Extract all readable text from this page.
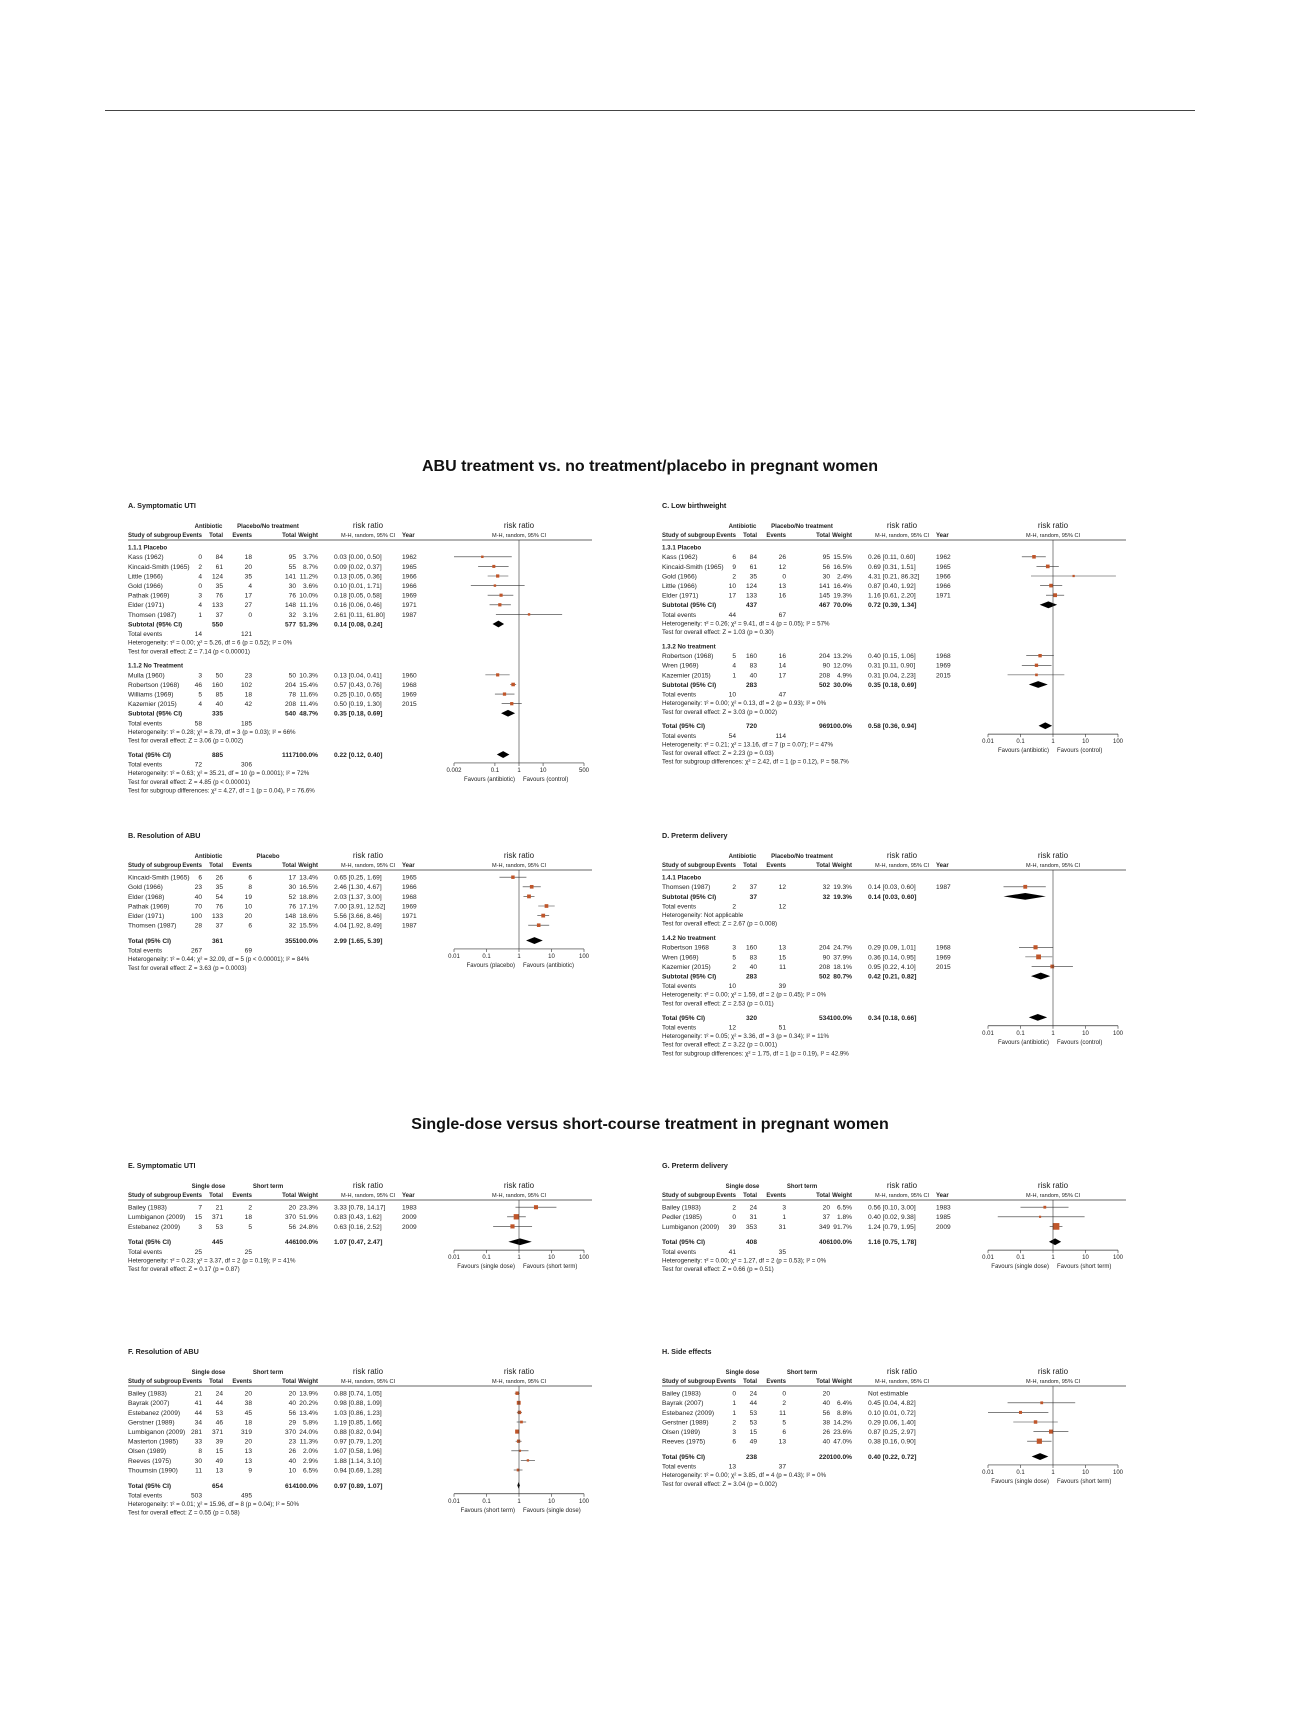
ABU treatment vs. no treatment/placebo in pregnant women
Single-dose versus short-course treatment in pregnant women
A. Symptomatic UTI
Antibiotic Placebo/No treatment	risk ratio	risk ratio
Study of subgroup Events Total Events	Total Weight	M-H, random, 95% CI Year	M-H, random, 95% CI
1.1.1 Placebo
Kass (1962)	0 84	18	95 3.7% 0.03 [0.00, 0.50]	1962
Kincaid-Smith (1965) 2 61	20	55 8.7% 0.09 [0.02, 0.37]	1965
Little (1966)	4 124	35	141 11.2% 0.13 [0.05, 0.36]	1966
Gold (1966)	0 35	4	30 3.6% 0.10 [0.01, 1.71]	1966
Pathak (1969)	3 76	17	76 10.0% 0.18 [0.05, 0.58]	1969
Elder (1971)	4 133	27	148 11.1% 0.16 [0.06, 0.46]	1971
Thomsen (1987)	1 37	0	32 3.1% 2.61 [0.11, 61.80]	1987
Subtotal (95% CI)	550	577 51.3% 0.14 [0.08, 0.24]
Total events	14	121
Heterogeneity: τ² = 0.00; χ² = 5.26, df = 6 (p = 0.52); I² = 0%
Test for overall effect: Z = 7.14 (p < 0.00001)
1.1.2 No Treatment
Mulla (1960)	3 50	23	50 10.3% 0.13 [0.04, 0.41]	1960
Robertson (1968) 46 160	102	204 15.4% 0.57 [0.43, 0.76]	1968
Williams (1969)	5 85	18	78 11.6% 0.25 [0.10, 0.65]	1969
Kazemier (2015)	4 40	42	208 11.4% 0.50 [0.19, 1.30]	2015
Subtotal (95% CI)	335	540 48.7% 0.35 [0.18, 0.69]
Total events	58	185
Heterogeneity: τ² = 0.28; χ² = 8.79, df = 3 (p = 0.03); I² = 66%
Test for overall effect: Z = 3.06 (p = 0.002)
Total (95% CI)	885	1117 100.0% 0.22 [0.12, 0.40]
Total events	72	306
Heterogeneity: τ² = 0.63; χ² = 35.21, df = 10 (p = 0.0001); I² = 72%
Test for overall effect: Z = 4.85 (p < 0.00001)
Test for subgroup differences: χ² = 4.27, df = 1 (p = 0.04), I² = 76.6%
0.002	0.1	1	10	500
Favours (antibiotic) Favours (control)
C. Low birthweight
Antibiotic Placebo/No treatment	risk ratio	risk ratio
Study of subgroup Events Total Events	Total Weight	M-H, random, 95% CI Year	M-H, random, 95% CI
1.3.1 Placebo
Kass (1962)	6 84	26	95 15.5% 0.26 [0.11, 0.60]	1962
Kincaid-Smith (1965) 9 61	12	56 16.5% 0.69 [0.31, 1.51]	1965
Gold (1966)	2 35	0	30 2.4% 4.31 [0.21, 86.32]	1966
Little (1966)	10 124	13	141 16.4% 0.87 [0.40, 1.92]	1966
Elder (1971)	17 133	16	145 19.3% 1.16 [0.61, 2.20]	1971
Subtotal (95% CI)	437	467 70.0% 0.72 [0.39, 1.34]
Total events	44	67
Heterogeneity: τ² = 0.26; χ² = 9.41, df = 4 (p = 0.05); I² = 57%
Test for overall effect: Z = 1.03 (p = 0.30)
1.3.2 No treatment
Robertson (1968)	5 160	16	204 13.2% 0.40 [0.15, 1.06]	1968
Wren (1969)	4 83	14	90 12.0% 0.31 [0.11, 0.90]	1969
Kazemier (2015)	1 40	17	208 4.9% 0.31 [0.04, 2.23]	2015
Subtotal (95% CI)	283	502 30.0% 0.35 [0.18, 0.69]
Total events	10	47
Heterogeneity: τ² = 0.00; χ² = 0.13, df = 2 (p = 0.93); I² = 0%
Test for overall effect: Z = 3.03 (p = 0.002)
Total (95% CI)	720	969 100.0% 0.58 [0.36, 0.94]
Total events	54	114
Heterogeneity: τ² = 0.21; χ² = 13.16, df = 7 (p = 0.07); I² = 47%
Test for overall effect: Z = 2.23 (p = 0.03)
Test for subgroup differences: χ² = 2.42, df = 1 (p = 0.12), I² = 58.7%
0.01	0.1	1	10	100
Favours (antibiotic) Favours (control)
B. Resolution of ABU
Antibiotic	Placebo	risk ratio	risk ratio
Study of subgroup Events Total Events	Total Weight	M-H, random, 95% CI Year	M-H, random, 95% CI
Kincaid-Smith (1965) 6 26	6	17 13.4% 0.65 [0.25, 1.69]	1965
Gold (1966)	23 35	8	30 16.5% 2.46 [1.30, 4.67]	1966
Elder (1968)	40 54	19	52 18.8% 2.03 [1.37, 3.00]	1968
Pathak (1969)	70 76	10	76 17.1% 7.00 [3.91, 12.52]	1969
Elder (1971)	100 133	20	148 18.6% 5.56 [3.66, 8.46]	1971
Thomsen (1987)	28 37	6	32 15.5% 4.04 [1.92, 8.49]	1987
Total (95% CI)	361	355 100.0% 2.99 [1.65, 5.39]
Total events	267	69
Heterogeneity: τ² = 0.44; χ² = 32.09, df = 5 (p < 0.00001); I² = 84%
Test for overall effect: Z = 3.63 (p = 0.0003)
0.01	0.1	1	10	100
Favours (placebo) Favours (antibiotic)
D. Preterm delivery
Antibiotic Placebo/No treatment	risk ratio	risk ratio
Study of subgroup Events Total Events	Total Weight	M-H, random, 95% CI Year	M-H, random, 95% CI
1.4.1 Placebo
Thomsen (1987)	2 37	12	32 19.3% 0.14 [0.03, 0.60]	1987
Subtotal (95% CI)	37	32 19.3% 0.14 [0.03, 0.60]
Total events	2	12
Heterogeneity: Not applicable
Test for overall effect: Z = 2.67 (p = 0.008)
1.4.2 No treatment
Robertson 1968	3 160	13	204 24.7% 0.29 [0.09, 1.01]	1968
Wren (1969)	5 83	15	90 37.9% 0.36 [0.14, 0.95]	1969
Kazemier (2015)	2 40	11	208 18.1% 0.95 [0.22, 4.10]	2015
Subtotal (95% CI)	283	502 80.7% 0.42 [0.21, 0.82]
Total events	10	39
Heterogeneity: τ² = 0.00; χ² = 1.59, df = 2 (p = 0.45); I² = 0%
Test for overall effect: Z = 2.53 (p = 0.01)
Total (95% CI)	320	534 100.0% 0.34 [0.18, 0.66]
Total events	12	51
Heterogeneity: τ² = 0.05; χ² = 3.36, df = 3 (p = 0.34); I² = 11%
Test for overall effect: Z = 3.22 (p = 0.001)
Test for subgroup differences: χ² = 1.75, df = 1 (p = 0.19), I² = 42.9%
0.01	0.1	1	10	100
Favours (antibiotic) Favours (control)
E. Symptomatic UTI
Single dose	Short term	risk ratio	risk ratio
Study of subgroup Events Total Events	Total Weight	M-H, random, 95% CI Year	M-H, random, 95% CI
Bailey (1983)	7 21	2	20 23.3% 3.33 [0.78, 14.17]	1983
Lumbiganon (2009) 15 371	18	370 51.9% 0.83 [0.43, 1.62]	2009
Estebanez (2009)	3 53	5	56 24.8% 0.63 [0.16, 2.52]	2009
Total (95% CI)	445	446 100.0% 1.07 [0.47, 2.47]
Total events	25	25
Heterogeneity: τ² = 0.23; χ² = 3.37, df = 2 (p = 0.19); I² = 41%
Test for overall effect: Z = 0.17 (p = 0.87)
0.01	0.1	1	10	100
Favours (single dose) Favours (short term)
G. Preterm delivery
Single dose	Short term	risk ratio	risk ratio
Study of subgroup Events Total Events	Total Weight	M-H, random, 95% CI Year	M-H, random, 95% CI
Bailey (1983)	2 24	3	20 6.5% 0.56 [0.10, 3.00]	1983
Pedler (1985)	0 31	1	37 1.8% 0.40 [0.02, 9.38]	1985
Lumbiganon (2009) 39 353	31	349 91.7% 1.24 [0.79, 1.95]	2009
Total (95% CI)	408	406 100.0% 1.16 [0.75, 1.78]
Total events	41	35
Heterogeneity: τ² = 0.00; χ² = 1.27, df = 2 (p = 0.53); I² = 0%
Test for overall effect: Z = 0.66 (p = 0.51)
0.01	0.1	1	10	100
Favours (single dose) Favours (short term)
F. Resolution of ABU
Single dose	Short term	risk ratio	risk ratio
Study of subgroup Events Total Events	Total Weight	M-H, random, 95% CI	M-H, random, 95% CI
Bailey (1983)	21 24	20	20 13.9% 0.88 [0.74, 1.05]
Bayrak (2007)	41 44	38	40 20.2% 0.98 [0.88, 1.09]
Estebanez (2009) 44 53	45	56 13.4% 1.03 [0.86, 1.23]
Gerstner (1989)	34 46	18	29 5.8% 1.19 [0.85, 1.66]
Lumbiganon (2009) 281 371	319	370 24.0% 0.88 [0.82, 0.94]
Masterton (1985) 33 39	20	23 11.3% 0.97 [0.79, 1.20]
Olsen (1989)	8 15	13	26 2.0% 1.07 [0.58, 1.96]
Reeves (1975)	30 49	13	40 2.9% 1.88 [1.14, 3.10]
Thoumsin (1990)	11 13	9	10 6.5% 0.94 [0.69, 1.28]
Total (95% CI)	654	614 100.0% 0.97 [0.89, 1.07]
Total events	503	495
Heterogeneity: τ² = 0.01; χ² = 15.96, df = 8 (p = 0.04); I² = 50%
Test for overall effect: Z = 0.55 (p = 0.58)
0.01	0.1	1	10	100
Favours (short term) Favours (single dose)
H. Side effects
Single dose	Short term	risk ratio	risk ratio
Study of subgroup Events Total Events	Total Weight	M-H, random, 95% CI	M-H, random, 95% CI
Bailey (1983)	0 24	0	20	Not estimable
Bayrak (2007)	1 44	2	40 6.4% 0.45 [0.04, 4.82]
Estebanez (2009)	1 53	11	56 8.8% 0.10 [0.01, 0.72]
Gerstner (1989)	2 53	5	38 14.2% 0.29 [0.06, 1.40]
Olsen (1989)	3 15	6	26 23.6% 0.87 [0.25, 2.97]
Reeves (1975)	6 49	13	40 47.0% 0.38 [0.16, 0.90]
Total (95% CI)	238	220 100.0% 0.40 [0.22, 0.72]
Total events	13	37
Heterogeneity: τ² = 0.00; χ² = 3.85, df = 4 (p = 0.43); I² = 0%
Test for overall effect: Z = 3.04 (p = 0.002)
0.01	0.1	1	10	100
Favours (single dose) Favours (short term)
